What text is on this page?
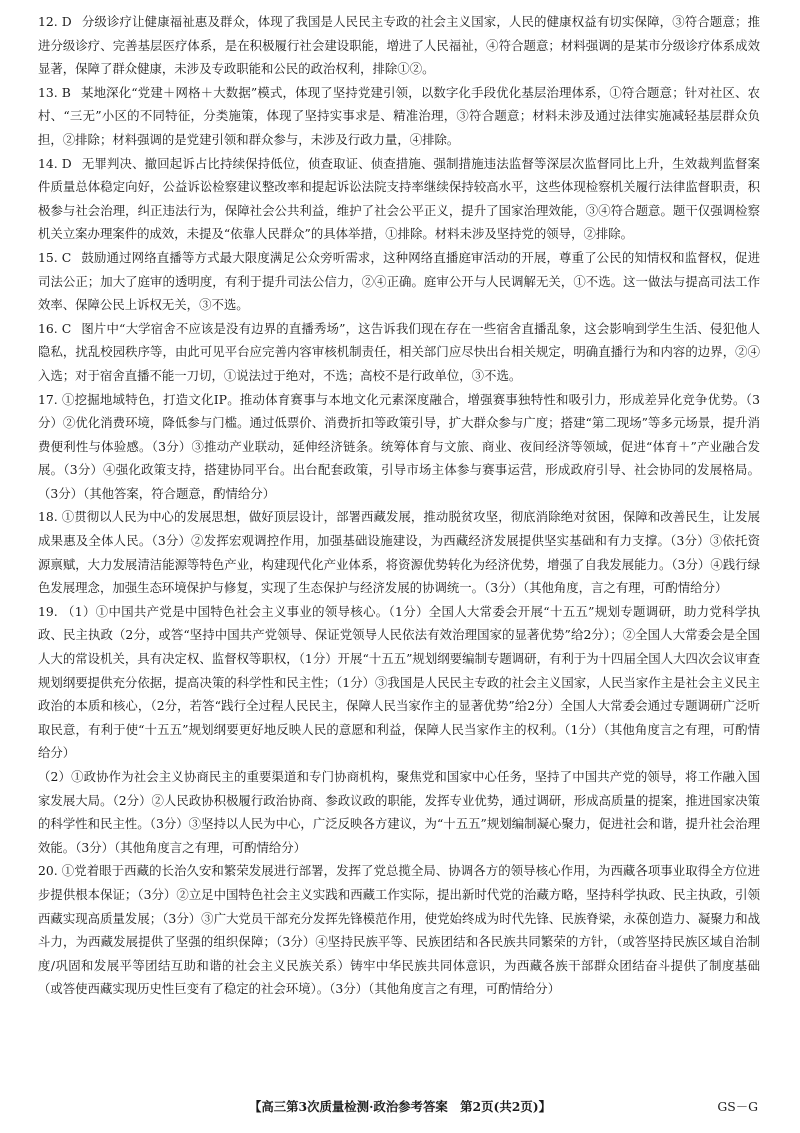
12. D 分级诊疗让健康福祉惠及群众，体现了我国是人民民主专政的社会主义国家，人民的健康权益有切实保障，③符合题意；推进分级诊疗、完善基层医疗体系，是在积极履行社会建设职能，增进了人民福祉，④符合题意；材料强调的是某市分级诊疗体系成效显著，保障了群众健康，未涉及专政职能和公民的政治权利，排除①②。

13. B 某地深化“党建＋网格＋大数据”模式，体现了坚持党建引领，以数字化手段优化基层治理体系，①符合题意；针对社区、农村、“三无”小区的不同特征，分类施策，体现了坚持实事求是、精准治理，③符合题意；材料未涉及通过法律实施减轻基层群众负担，②排除；材料强调的是党建引领和群众参与，未涉及行政力量，④排除。

14. D 无罪判决、撤回起诉占比持续保持低位，侦查取证、侦查措施、强制措施违法监督等深层次监督同比上升，生效裁判监督案件质量总体稳定向好，公益诉讼检察建议整改率和提起诉讼法院支持率继续保持较高水平，这些体现检察机关履行法律监督职责，积极参与社会治理，纠正违法行为，保障社会公共利益，维护了社会公平正义，提升了国家治理效能，③④符合题意。题干仅强调检察机关立案办理案件的成效，未提及“依靠人民群众”的具体举措，①排除。材料未涉及坚持党的领导，②排除。

15. C 鼓励通过网络直播等方式最大限度满足公众旁听需求，这种网络直播庭审活动的开展，尊重了公民的知情权和监督权，促进司法公正；加大了庭审的透明度，有利于提升司法公信力，②④正确。庭审公开与人民调解无关，①不选。这一做法与提高司法工作效率、保障公民上诉权无关，③不选。

16. C 图片中“大学宿舍不应该是没有边界的直播秀场”，这告诉我们现在存在一些宿舍直播乱象，这会影响到学生生活、侵犯他人隐私，扰乱校园秩序等，由此可见平台应完善内容审核机制责任，相关部门应尽快出台相关规定，明确直播行为和内容的边界，②④入选；对于宿舍直播不能一刀切，①说法过于绝对，不选；高校不是行政单位，③不选。

17. ①挖掘地域特色，打造文化IP。推动体育赛事与本地文化元素深度融合，增强赛事独特性和吸引力，形成差异化竞争优势。（3分）②优化消费环境，降低参与门槛。通过低票价、消费折扣等政策引导，扩大群众参与广度；搭建“第二现场”等多元场景，提升消费便利性与体验感。（3分）③推动产业联动，延伸经济链条。统筹体育与文旅、商业、夜间经济等领域，促进“体育＋”产业融合发展。（3分）④强化政策支持，搭建协同平台。出台配套政策，引导市场主体参与赛事运营，形成政府引导、社会协同的发展格局。（3分）（其他答案，符合题意，酌情给分）

18. ①贯彻以人民为中心的发展思想，做好顶层设计，部署西藏发展，推动脱贫攻坚，彻底消除绝对贫困，保障和改善民生，让发展成果惠及全体人民。（3分）②发挥宏观调控作用，加强基础设施建设，为西藏经济发展提供坚实基础和有力支撑。（3分）③依托资源禀赋，大力发展清洁能源等特色产业，构建现代化产业体系，将资源优势转化为经济优势，增强了自我发展能力。（3分）④践行绿色发展理念，加强生态环境保护与修复，实现了生态保护与经济发展的协调统一。（3分）（其他角度，言之有理，可酌情给分）

19. （1）①中国共产党是中国特色社会主义事业的领导核心。（1分）全国人大常委会开展“十五五”规划专题调研，助力党科学执政、民主执政（2分，或答“坚持中国共产党领导、保证党领导人民依法有效治理国家的显著优势”给2分）；②全国人大常委会是全国人大的常设机关，具有决定权、监督权等职权，（1分）开展“十五五”规划纲要编制专题调研，有利于为十四届全国人大四次会议审查规划纲要提供充分依据，提高决策的科学性和民主性；（1分）③我国是人民民主专政的社会主义国家，人民当家作主是社会主义民主政治的本质和核心，（2分，若答“践行全过程人民民主，保障人民当家作主的显著优势”给2分）全国人大常委会通过专题调研广泛听取民意，有利于使“十五五”规划纲要更好地反映人民的意愿和利益，保障人民当家作主的权利。（1分）（其他角度言之有理，可酌情给分）

（2）①政协作为社会主义协商民主的重要渠道和专门协商机构，聚焦党和国家中心任务，坚持了中国共产党的领导，将工作融入国家发展大局。（2分）②人民政协积极履行政治协商、参政议政的职能，发挥专业优势，通过调研，形成高质量的提案，推进国家决策的科学性和民主性。（3分）③坚持以人民为中心，广泛反映各方建议，为“十五五”规划编制凝心聚力，促进社会和谐，提升社会治理效能。（3分）（其他角度言之有理，可酌情给分）

20. ①党着眼于西藏的长治久安和繁荣发展进行部署，发挥了党总揽全局、协调各方的领导核心作用，为西藏各项事业取得全方位进步提供根本保证；（3分）②立足中国特色社会主义实践和西藏工作实际，提出新时代党的治藏方略，坚持科学执政、民主执政，引领西藏实现高质量发展；（3分）③广大党员干部充分发挥先锋模范作用，使党始终成为时代先锋、民族脊梁，永葆创造力、凝聚力和战斗力，为西藏发展提供了坚强的组织保障；（3分）④坚持民族平等、民族团结和各民族共同繁荣的方针，（或答坚持民族区域自治制度/巩固和发展平等团结互助和谐的社会主义民族关系）铸牢中华民族共同体意识，为西藏各族干部群众团结奋斗提供了制度基础（或答使西藏实现历史性巨变有了稳定的社会环境）。（3分）（其他角度言之有理，可酌情给分）

【高三第3次质量检测·政治参考答案　第2页(共2页)】	GS－G
